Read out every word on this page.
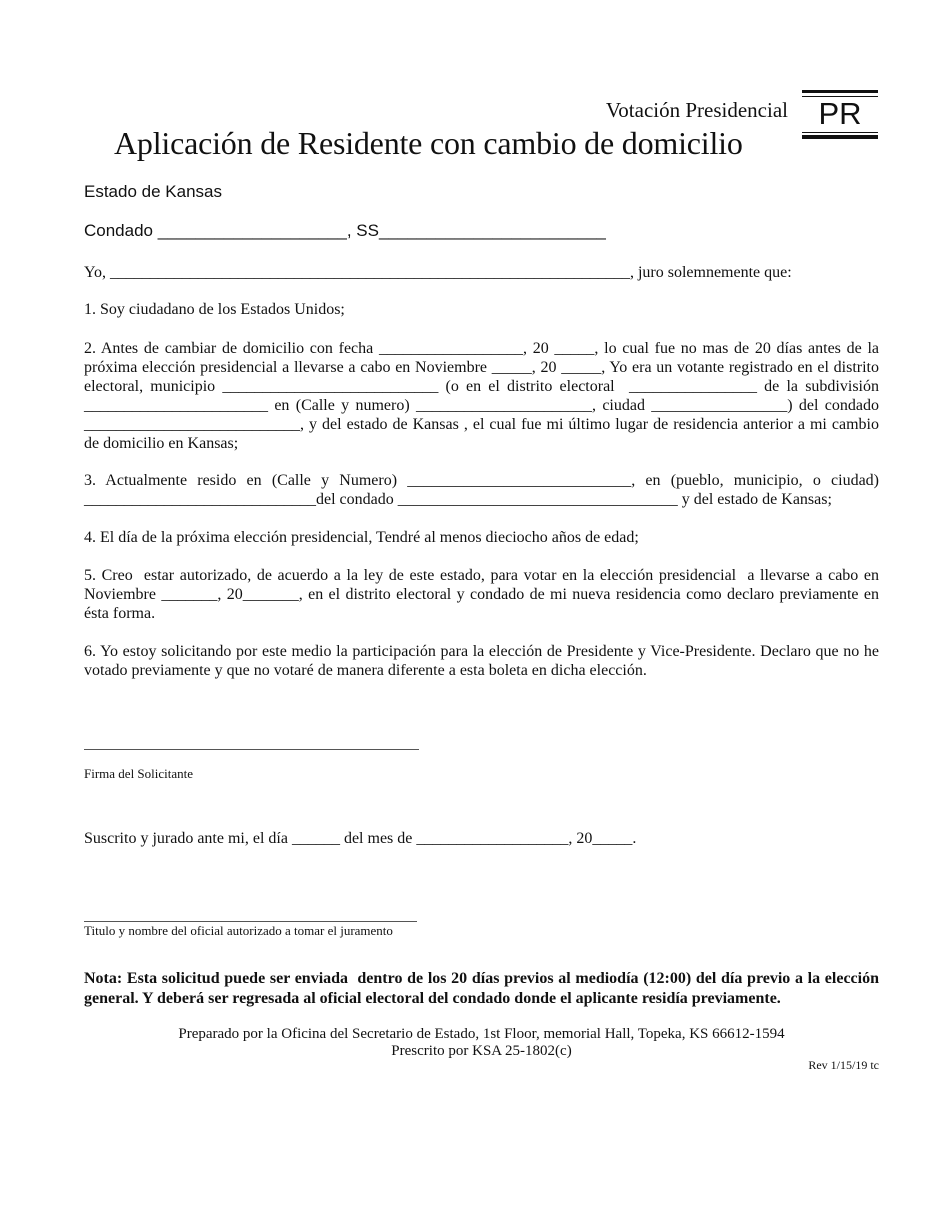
Votación Presidencial
Aplicación de Residente con cambio de domicilio
PR
Estado de Kansas
Condado ____________________, SS________________________
Yo, _________________________________________________________________, juro solemnemente que:
1. Soy ciudadano de los Estados Unidos;
2. Antes de cambiar de domicilio con fecha __________________, 20 _____, lo cual fue no mas de 20 días antes de la próxima elección presidencial a llevarse a cabo en Noviembre _____, 20 _____, Yo era un votante registrado en el distrito electoral, municipio ___________________________ (o en el distrito electoral  ________________ de la subdivisión _______________________ en (Calle y numero) ______________________, ciudad _________________) del condado ___________________________, y del estado de Kansas , el cual fue mi último lugar de residencia anterior a mi cambio de domicilio en Kansas;
3. Actualmente resido en (Calle y Numero) ____________________________, en (pueblo, municipio, o ciudad) _____________________________del condado ___________________________________ y del estado de Kansas;
4. El día de la próxima elección presidencial, Tendré al menos dieciocho años de edad;
5. Creo  estar autorizado, de acuerdo a la ley de este estado, para votar en la elección presidencial  a llevarse a cabo en Noviembre _______, 20_______, en el distrito electoral y condado de mi nueva residencia como declaro previamente en ésta forma.
6. Yo estoy solicitando por este medio la participación para la elección de Presidente y Vice-Presidente. Declaro que no he votado previamente y que no votaré de manera diferente a esta boleta en dicha elección.
Firma del Solicitante
Suscrito y jurado ante mi, el día ______ del mes de ___________________, 20_____.
Titulo y nombre del oficial autorizado a tomar el juramento
Nota: Esta solicitud puede ser enviada  dentro de los 20 días previos al mediodía (12:00) del día previo a la elección general. Y deberá ser regresada al oficial electoral del condado donde el aplicante residía previamente.
Preparado por la Oficina del Secretario de Estado, 1st Floor, memorial Hall, Topeka, KS 66612-1594
Prescrito por KSA 25-1802(c)
Rev 1/15/19 tc
